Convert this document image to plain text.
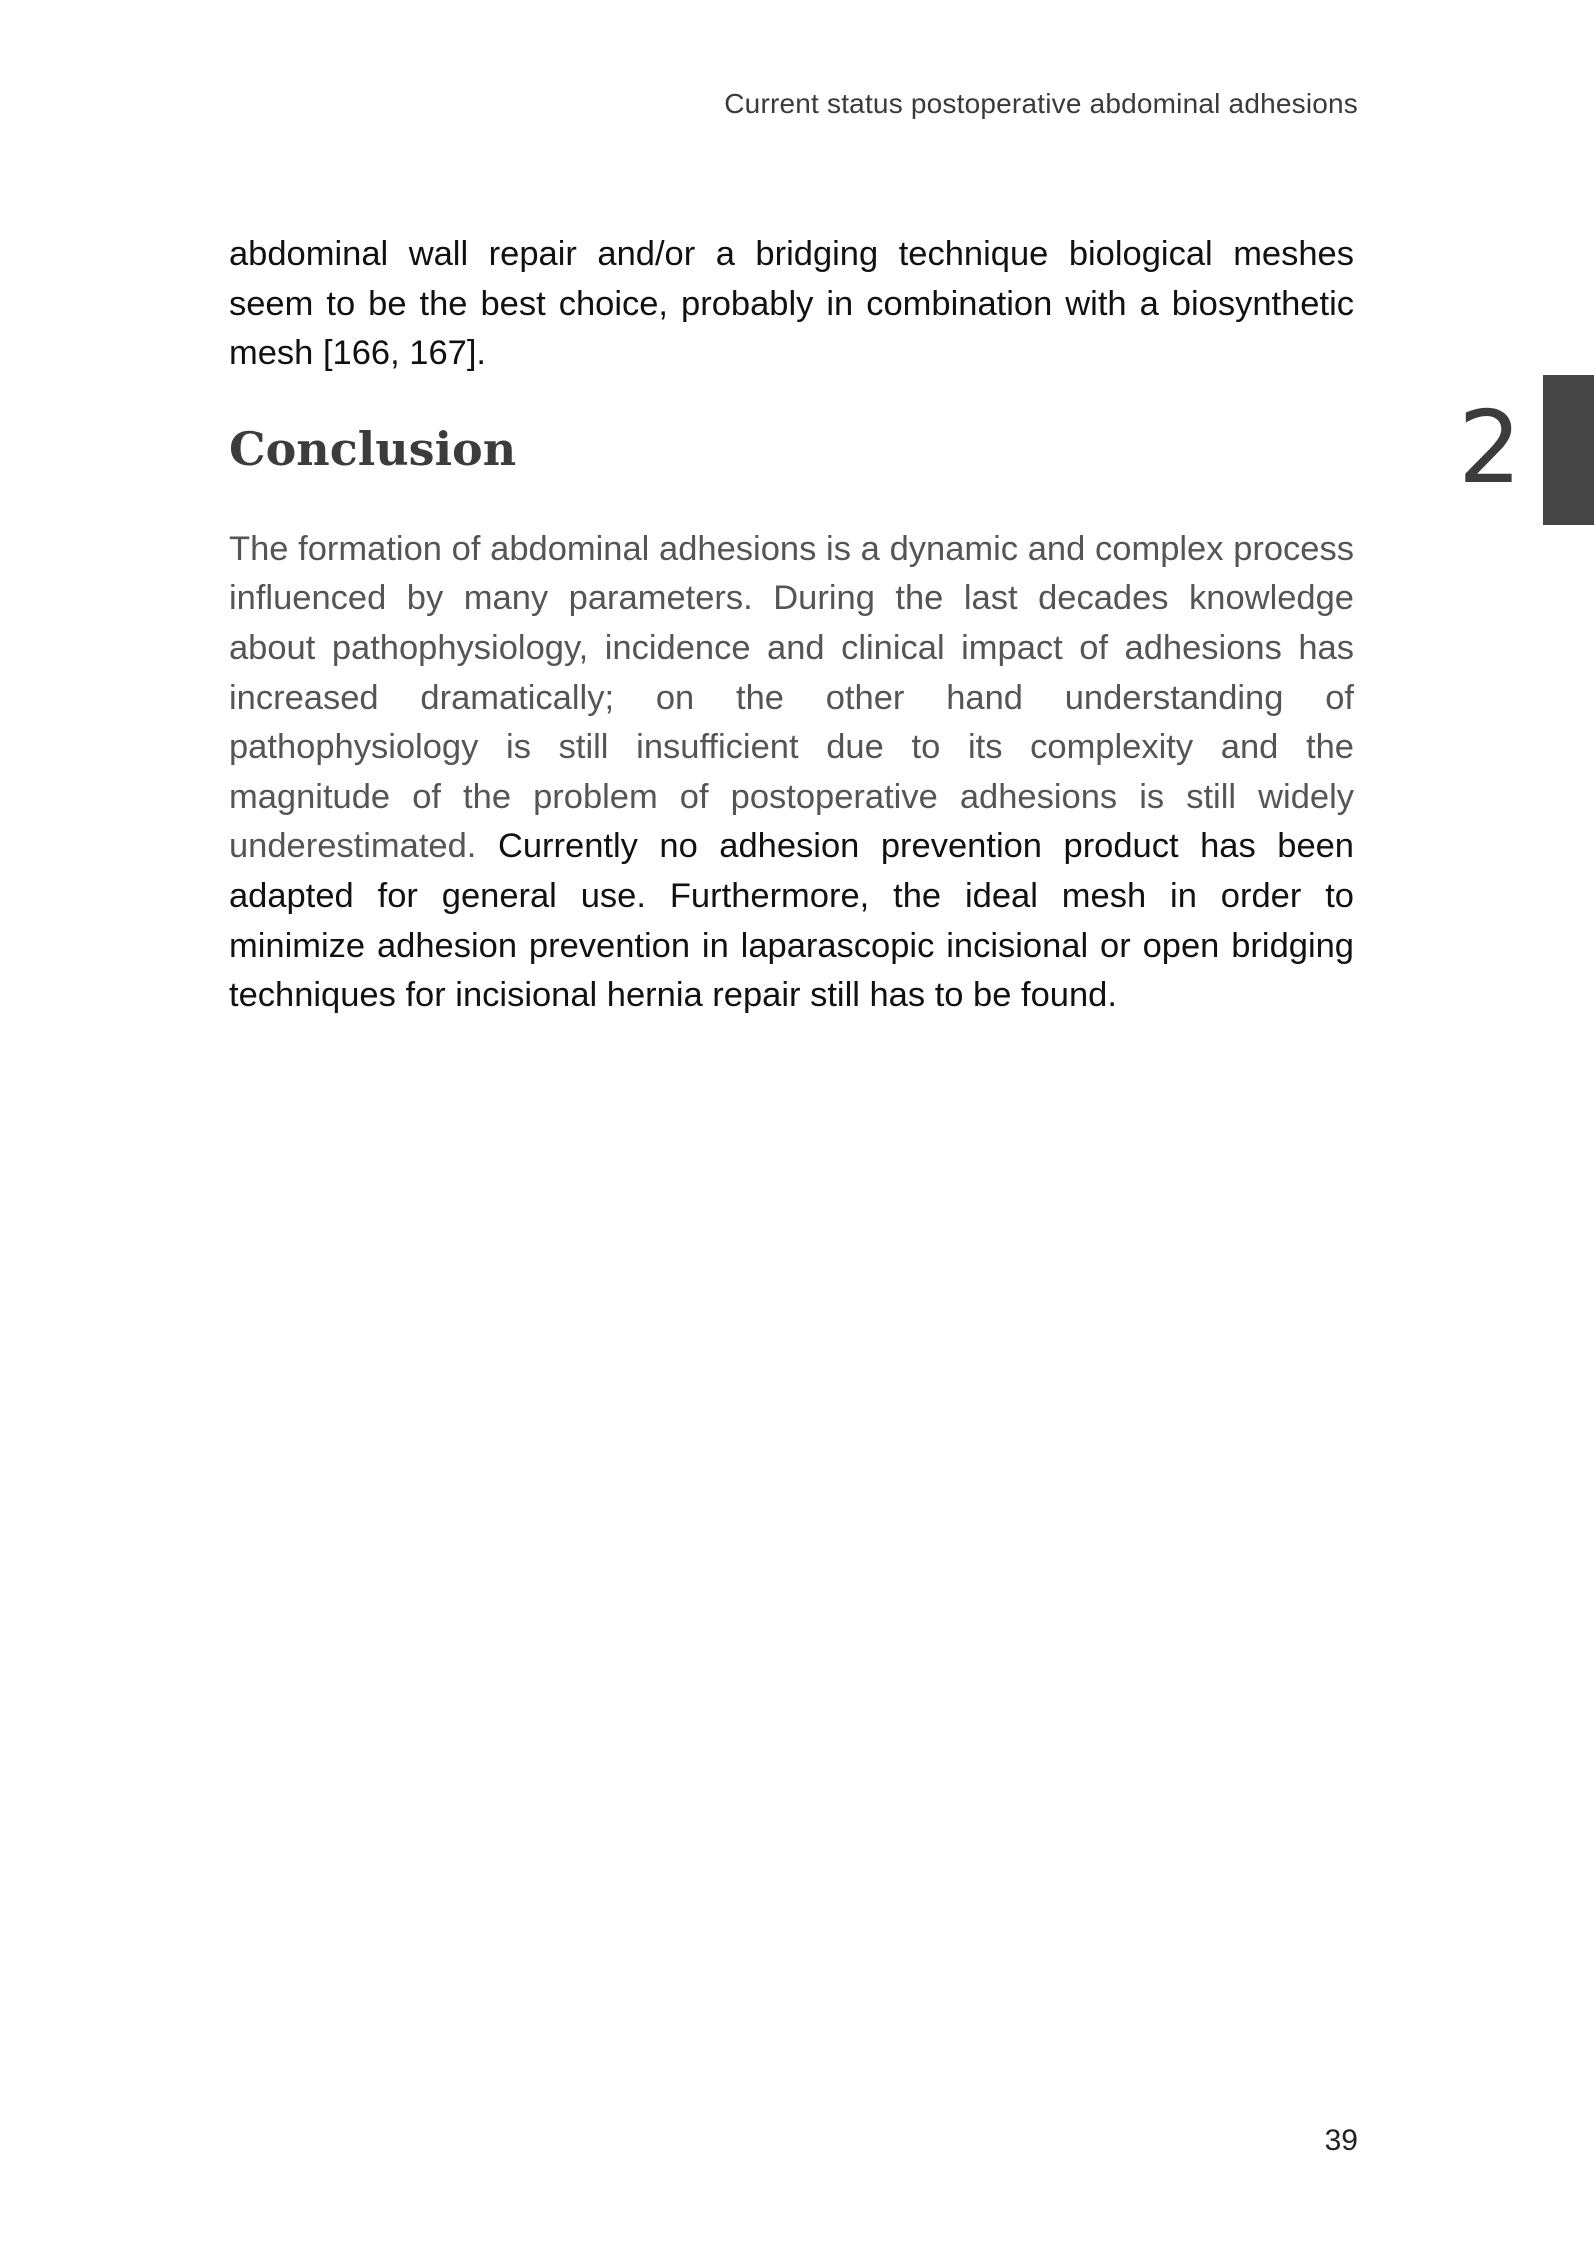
Current status postoperative abdominal adhesions
2

abdominal wall repair and/or a bridging technique biological meshes seem to be the best choice, probably in combination with a biosynthetic mesh [166, 167].

Conclusion

The formation of abdominal adhesions is a dynamic and complex process influenced by many parameters. During the last decades knowledge about pathophysiology, incidence and clinical impact of adhesions has increased dramatically; on the other hand understanding of pathophysiology is still insufficient due to its complexity and the magnitude of the problem of postoperative adhesions is still widely underestimated. Currently no adhesion prevention product has been adapted for general use. Furthermore, the ideal mesh in order to minimize adhesion prevention in laparascopic incisional or open bridging techniques for incisional hernia repair still has to be found.

39
